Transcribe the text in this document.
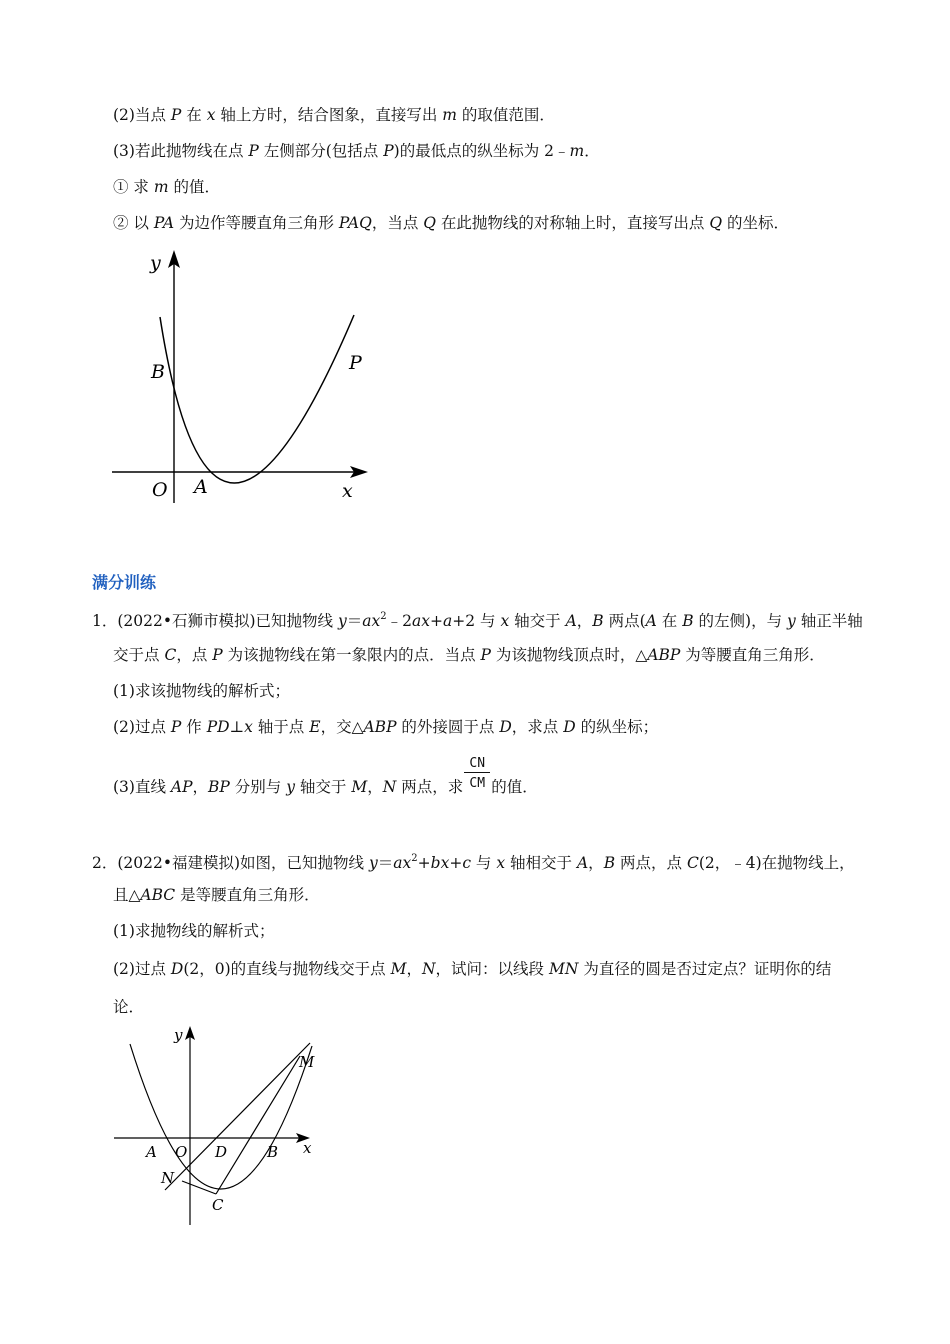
(2)当点 P 在 x 轴上方时，结合图象，直接写出 m 的取值范围．
(3)若此抛物线在点 P 左侧部分(包括点 P)的最低点的纵坐标为 2﹣m．
① 求 m 的值．
② 以 PA 为边作等腰直角三角形 PAQ，当点 Q 在此抛物线的对称轴上时，直接写出点 Q 的坐标．
y
B	P
O A	x
满分训练
1．(2022•石狮市模拟)已知抛物线 $y=ax^2﹣2ax+a+2$ 与 x 轴交于 A，B 两点(A 在 B 的左侧)，与 y 轴正半轴
交于点 C，点 P 为该抛物线在第一象限内的点．当点 P 为该抛物线顶点时，△ABP 为等腰直角三角形．
(1)求该抛物线的解析式；
(2)过点 P 作 PD⊥x 轴于点 E，交△ABP 的外接圆于点 D，求点 D 的纵坐标；
(3)直线 AP，BP 分别与 y 轴交于 M，N 两点，求 $\frac{CN}{CM}$ 的值．
2．(2022•福建模拟)如图，已知抛物线 $y=ax^2+bx+c$ 与 x 轴相交于 A，B 两点，点 C(2，﹣4)在抛物线上，
且△ABC 是等腰直角三角形．
(1)求抛物线的解析式；
(2)过点 D(2，0)的直线与抛物线交于点 M，N，试问：以线段 MN 为直径的圆是否过定点？证明你的结
论．
y
M
A O D	B x
N
C
